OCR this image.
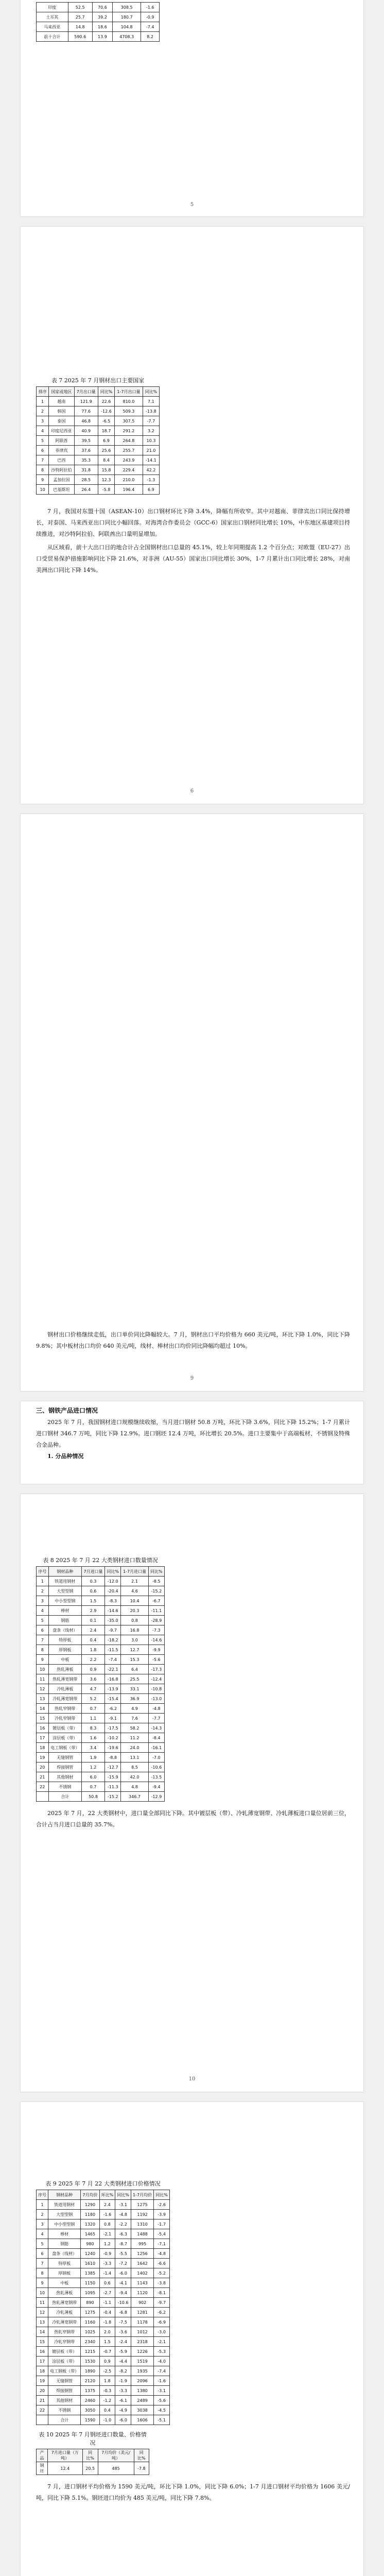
印度	52.5	70.6	308.5	-1.6
土耳其	25.7	39.2	180.7	-0.9
马来西亚	14.8	18.6	104.8	-7.4
前十合计	590.6	13.9	4708.3	8.2
5

表 7 2025 年 7 月钢材出口主要国家

排序	国家或地区	7月出口量	同比%	1-7月出口量	同比%
1	越南	121.9	22.6	810.0	7.1
2	韩国	77.6	-12.6	509.3	-13.8
3	泰国	46.8	-6.5	307.5	-7.7
4	印度尼西亚	40.9	18.7	291.2	3.2
5	阿联酋	39.5	6.9	264.8	10.3
6	菲律宾	37.6	25.6	255.7	21.0
7	巴西	35.3	8.4	243.9	-14.1
8	沙特阿拉伯	31.8	15.8	229.4	42.2
9	孟加拉国	28.5	12.3	210.0	-1.3
10	巴基斯坦	26.4	-5.8	196.4	6.9

7 月，我国对东盟十国（ASEAN-10）出口钢材环比下降 3.4%，降幅有所收窄。其中对越南、菲律宾出口同比保持增长，对泰国、马来西亚出口同比小幅回落。对海湾合作委员会（GCC-6）国家出口钢材同比增长 10%，中东地区基建项目持续推进，对沙特阿拉伯、阿联酋出口量明显增加。

从区域看，前十大出口目的地合计占全国钢材出口总量的 45.1%，较上年同期提高 1.2 个百分点；对欧盟（EU-27）出口受贸易保护措施影响同比下降 21.6%，对非洲（AU-55）国家出口同比增长 30%，1-7 月累计出口同比增长 28%，对南美洲出口同比下降 14%。

6

钢材出口价格继续走低，出口单价同比降幅较大。7 月，钢材出口平均价格为 660 美元/吨，环比下降 1.0%，同比下降 9.8%；其中板材出口均价 640 美元/吨，线材、棒材出口均价同比降幅均超过 10%。

9

三、钢铁产品进口情况

2025 年 7 月，我国钢材进口规模继续收缩，当月进口钢材 50.8 万吨，环比下降 3.6%，同比下降 15.2%；1-7 月累计进口钢材 346.7 万吨，同比下降 12.9%。进口钢坯 12.4 万吨，环比增长 20.5%。进口主要集中于高端板材、不锈钢及特殊合金品种。

1. 分品种情况

表 8 2025 年 7 月 22 大类钢材进口数量情况

序号	钢材品种	7月进口量	同比%	1-7月进口量	同比%
1	铁道用钢材	0.3	-12.0	2.1	-8.5
2	大型型钢	0.6	-20.4	4.6	-15.2
3	中小型型钢	1.5	-8.3	10.4	-6.7
4	棒材	2.9	-14.6	20.3	-11.1
5	钢筋	0.1	-35.0	0.8	-28.9
6	盘条（线材）	2.4	-9.7	16.8	-7.3
7	特厚板	0.4	-18.2	3.0	-14.6
8	厚钢板	1.8	-11.5	12.7	-9.9
9	中板	2.2	-7.4	15.3	-5.6
10	热轧薄板	0.9	-22.1	6.4	-17.3
11	热轧薄宽钢带	3.6	-16.8	25.5	-12.4
12	冷轧薄板	4.7	-13.9	33.1	-10.8
13	冷轧薄宽钢带	5.2	-15.4	36.9	-13.0
14	热轧窄钢带	0.7	-6.2	4.9	-4.8
15	冷轧窄钢带	1.1	-9.1	7.6	-7.7
16	镀层板（带）	8.3	-17.5	58.2	-14.3
17	涂层板（带）	1.6	-10.2	11.2	-8.4
18	电工钢板（带）	3.4	-19.6	24.0	-16.1
19	无缝钢管	1.9	-8.8	13.1	-7.0
20	焊接钢管	1.2	-12.7	8.5	-10.6
21	其他钢材	6.0	-15.9	42.0	-13.5
22	不锈钢	0.7	-11.3	4.8	-9.4
	合计	50.8	-15.2	346.7	-12.9

2025 年 7 月，22 大类钢材中，进口量全部同比下降。其中镀层板（带）、冷轧薄宽钢带、冷轧薄板进口量位居前三位，合计占当月进口总量的 35.7%。

10

表 9 2025 年 7 月 22 大类钢材进口价格情况

序号	钢材品种	7月均价	环比%	同比%	1-7月均价	同比%
1	铁道用钢材	1290	2.4	-3.1	1275	-2.6
2	大型型钢	1180	-1.6	-4.8	1192	-3.9
3	中小型型钢	1320	0.8	-2.2	1310	-1.7
4	棒材	1465	-2.1	-6.3	1488	-5.4
5	钢筋	980	1.2	-8.7	995	-7.1
6	盘条（线材）	1240	-0.9	-5.5	1256	-4.8
7	特厚板	1610	-3.3	-7.2	1642	-6.6
8	厚钢板	1385	-1.4	-6.0	1402	-5.2
9	中板	1150	0.6	-4.1	1143	-3.8
10	热轧薄板	1095	-2.7	-9.4	1120	-8.1
11	热轧薄宽钢带	890	-1.1	-10.6	902	-9.7
12	冷轧薄板	1275	-0.4	-6.8	1281	-6.2
13	冷轧薄宽钢带	1160	-1.8	-7.5	1178	-6.9
14	热轧窄钢带	1025	2.0	-3.6	1012	-3.0
15	冷轧窄钢带	2340	1.5	-2.4	2318	-2.1
16	镀层板（带）	1215	-0.7	-5.9	1226	-5.3
17	涂层板（带）	1530	0.9	-4.4	1519	-4.0
18	电工钢板（带）	1890	-2.5	-8.2	1935	-7.4
19	无缝钢管	2120	1.8	-1.9	2096	-1.6
20	焊接钢管	1375	-0.3	-3.3	1380	-3.1
21	其他钢材	2460	-1.2	-6.1	2489	-5.6
22	不锈钢	3050	0.4	-4.9	3038	-4.5
	合计	1590	-1.0	-6.0	1606	-5.1

表 10 2025 年 7 月钢坯进口数量、价格情况

产品	7月进口量（万吨）	同比%	7月均价（美元/吨）	同比%
钢坯	12.4	20.5	485	-7.8

7 月，进口钢材平均价格为 1590 美元/吨，环比下降 1.0%，同比下降 6.0%；1-7 月进口钢材平均价格为 1606 美元/吨，同比下降 5.1%。钢坯进口均价为 485 美元/吨，同比下降 7.8%。
